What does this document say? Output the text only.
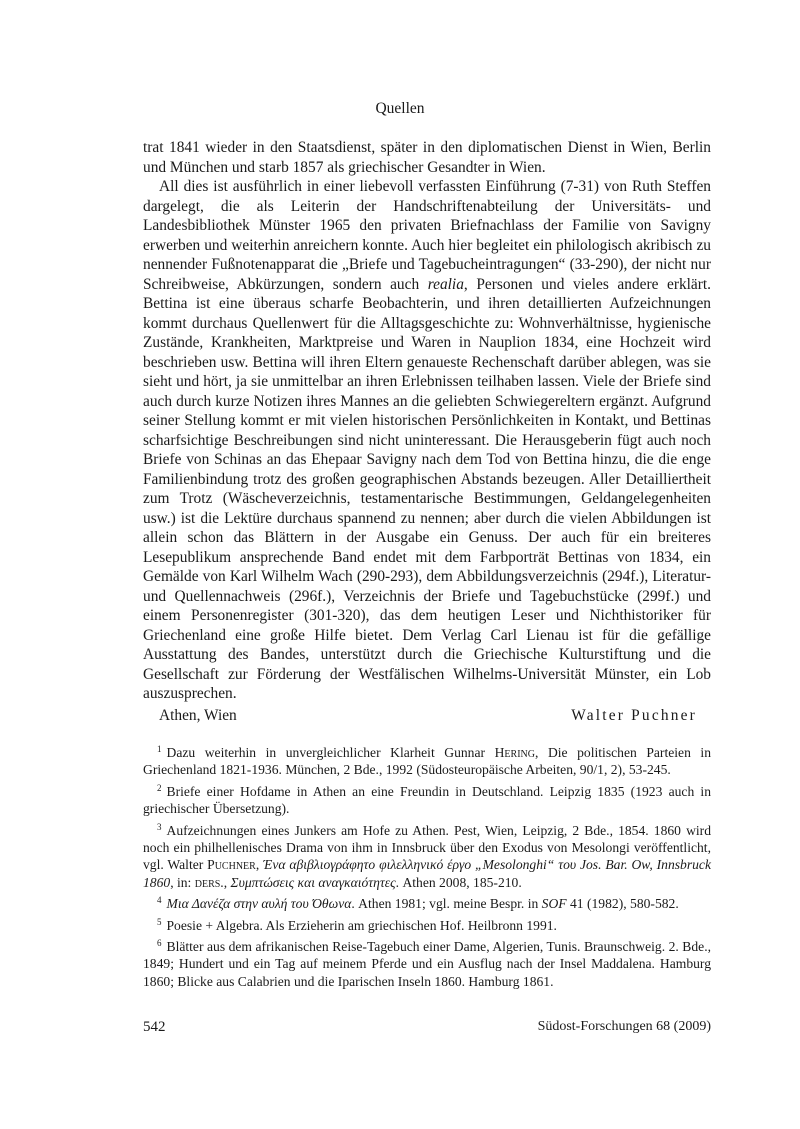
Quellen

trat 1841 wieder in den Staatsdienst, später in den diplomatischen Dienst in Wien, Berlin und München und starb 1857 als griechischer Gesandter in Wien.

All dies ist ausführlich in einer liebevoll verfassten Einführung (7-31) von Ruth Steffen dargelegt, die als Leiterin der Handschriftenabteilung der Universitäts- und Landesbibliothek Münster 1965 den privaten Briefnachlass der Familie von Savigny erwerben und weiterhin anreichern konnte. Auch hier begleitet ein philologisch akribisch zu nennender Fußnotenapparat die „Briefe und Tagebucheintragungen“ (33-290), der nicht nur Schreibweise, Abkürzungen, sondern auch realia, Personen und vieles andere erklärt. Bettina ist eine überaus scharfe Beobachterin, und ihren detaillierten Aufzeichnungen kommt durchaus Quellenwert für die Alltagsgeschichte zu: Wohnverhältnisse, hygienische Zustände, Krankheiten, Marktpreise und Waren in Nauplion 1834, eine Hochzeit wird beschrieben usw. Bettina will ihren Eltern genaueste Rechenschaft darüber ablegen, was sie sieht und hört, ja sie unmittelbar an ihren Erlebnissen teilhaben lassen. Viele der Briefe sind auch durch kurze Notizen ihres Mannes an die geliebten Schwiegereltern ergänzt. Aufgrund seiner Stellung kommt er mit vielen historischen Persönlichkeiten in Kontakt, und Bettinas scharfsichtige Beschreibungen sind nicht uninteressant. Die Herausgeberin fügt auch noch Briefe von Schinas an das Ehepaar Savigny nach dem Tod von Bettina hinzu, die die enge Familienbindung trotz des großen geographischen Abstands bezeugen. Aller Detailliertheit zum Trotz (Wäscheverzeichnis, testamentarische Bestimmungen, Geldangelegenheiten usw.) ist die Lektüre durchaus spannend zu nennen; aber durch die vielen Abbildungen ist allein schon das Blättern in der Ausgabe ein Genuss. Der auch für ein breiteres Lesepublikum ansprechende Band endet mit dem Farbporträt Bettinas von 1834, ein Gemälde von Karl Wilhelm Wach (290-293), dem Abbildungsverzeichnis (294f.), Literatur- und Quellennachweis (296f.), Verzeichnis der Briefe und Tagebuchstücke (299f.) und einem Personenregister (301-320), das dem heutigen Leser und Nichthistoriker für Griechenland eine große Hilfe bietet. Dem Verlag Carl Lienau ist für die gefällige Ausstattung des Bandes, unterstützt durch die Griechische Kulturstiftung und die Gesellschaft zur Förderung der Westfälischen Wilhelms-Universität Münster, ein Lob auszusprechen.

Athen, Wien	Walter Puchner

$^1$ Dazu weiterhin in unvergleichlicher Klarheit Gunnar Hering, Die politischen Parteien in Griechenland 1821-1936. München, 2 Bde., 1992 (Südosteuropäische Arbeiten, 90/1, 2), 53-245.

$^2$ Briefe einer Hofdame in Athen an eine Freundin in Deutschland. Leipzig 1835 (1923 auch in griechischer Übersetzung).

$^3$ Aufzeichnungen eines Junkers am Hofe zu Athen. Pest, Wien, Leipzig, 2 Bde., 1854. 1860 wird noch ein philhellenisches Drama von ihm in Innsbruck über den Exodus von Mesolongi veröffentlicht, vgl. Walter Puchner, Ένα αβιβλιογράφητο φιλελληνικό έργο „Mesolonghi“ του Jos. Bar. Ow, Innsbruck 1860, in: ders., Συμπτώσεις και αναγκαιότητες. Athen 2008, 185-210.

$^4$ Μια Δανέζα στην αυλή του Όθωνα. Athen 1981; vgl. meine Bespr. in SOF 41 (1982), 580-582.

$^5$ Poesie + Algebra. Als Erzieherin am griechischen Hof. Heilbronn 1991.

$^6$ Blätter aus dem afrikanischen Reise-Tagebuch einer Dame, Algerien, Tunis. Braunschweig. 2. Bde., 1849; Hundert und ein Tag auf meinem Pferde und ein Ausflug nach der Insel Maddalena. Hamburg 1860; Blicke aus Calabrien und die Iparischen Inseln 1860. Hamburg 1861.

542	Südost-Forschungen 68 (2009)
